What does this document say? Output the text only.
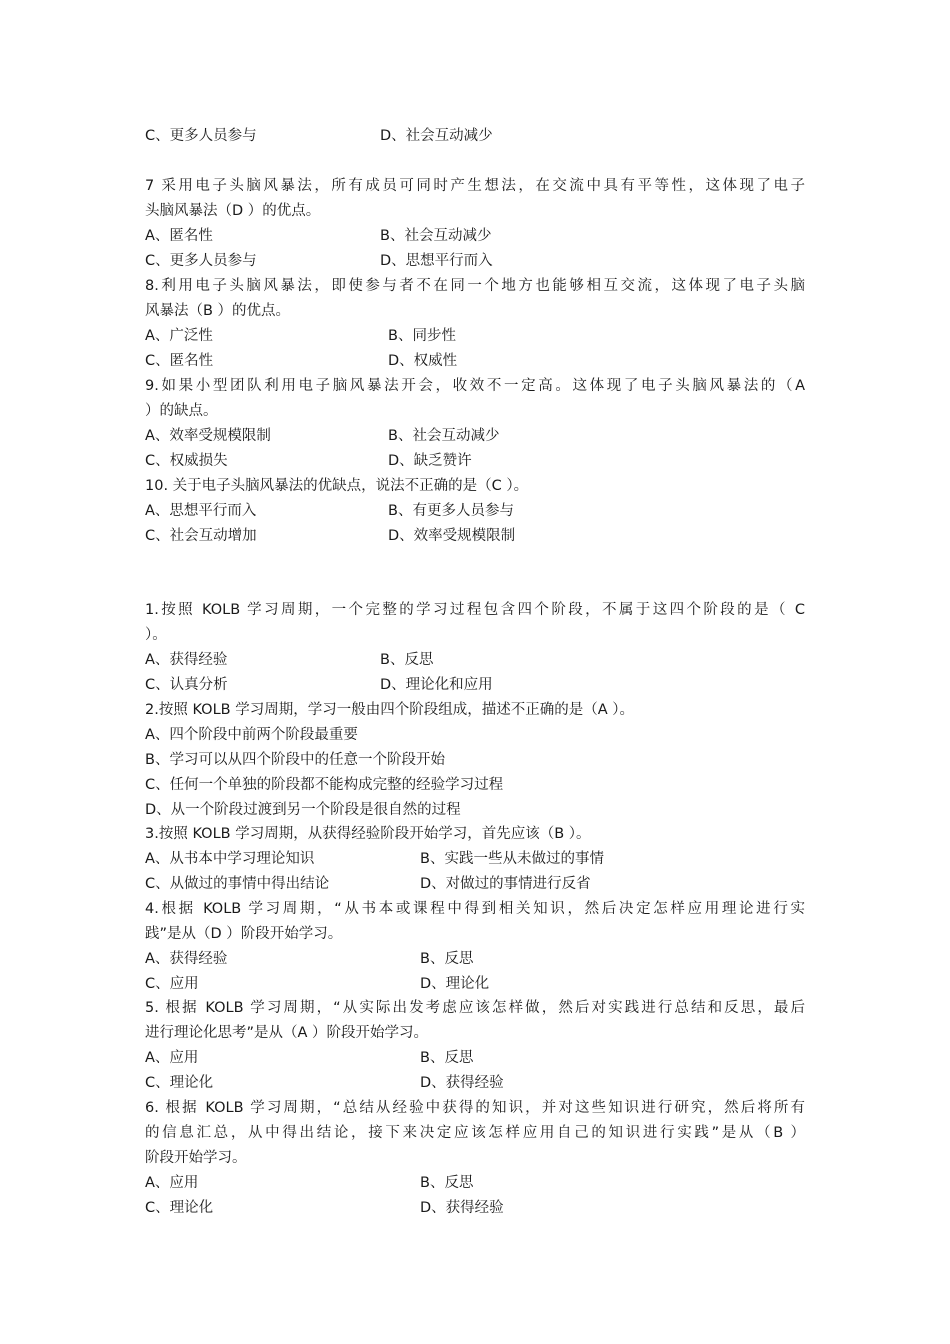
C、更多人员参与	D、社会互动减少
7 采用电子头脑风暴法，所有成员可同时产生想法，在交流中具有平等性，这体现了电子
头脑风暴法（D ）的优点。
A、匿名性	B、社会互动减少
C、更多人员参与	D、思想平行而入
8.利用电子头脑风暴法，即使参与者不在同一个地方也能够相互交流，这体现了电子头脑
风暴法（B ）的优点。
A、广泛性	B、同步性
C、匿名性	D、权威性
9.如果小型团队利用电子脑风暴法开会，收效不一定高。这体现了电子头脑风暴法的（A
）的缺点。
A、效率受规模限制	B、社会互动减少
C、权威损失	D、缺乏赞许
10. 关于电子头脑风暴法的优缺点，说法不正确的是（C ）。
A、思想平行而入	B、有更多人员参与
C、社会互动增加	D、效率受规模限制
1.按照 KOLB 学习周期，一个完整的学习过程包含四个阶段，不属于这四个阶段的是（ C
）。
A、获得经验	B、反思
C、认真分析	D、理论化和应用
2.按照 KOLB 学习周期，学习一般由四个阶段组成，描述不正确的是（A ）。
A、四个阶段中前两个阶段最重要
B、学习可以从四个阶段中的任意一个阶段开始
C、任何一个单独的阶段都不能构成完整的经验学习过程
D、从一个阶段过渡到另一个阶段是很自然的过程
3.按照 KOLB 学习周期，从获得经验阶段开始学习，首先应该（B ）。
A、从书本中学习理论知识	B、实践一些从未做过的事情
C、从做过的事情中得出结论	D、对做过的事情进行反省
4.根据 KOLB 学习周期，“从书本或课程中得到相关知识，然后决定怎样应用理论进行实
践”是从（D ）阶段开始学习。
A、获得经验	B、反思
C、应用	D、理论化
5. 根据 KOLB 学习周期，“从实际出发考虑应该怎样做，然后对实践进行总结和反思，最后
进行理论化思考”是从（A ）阶段开始学习。
A、应用	B、反思
C、理论化	D、获得经验
6. 根据 KOLB 学习周期，“总结从经验中获得的知识，并对这些知识进行研究，然后将所有
的信息汇总，从中得出结论，接下来决定应该怎样应用自己的知识进行实践”是从（B ）
阶段开始学习。
A、应用	B、反思
C、理论化	D、获得经验
